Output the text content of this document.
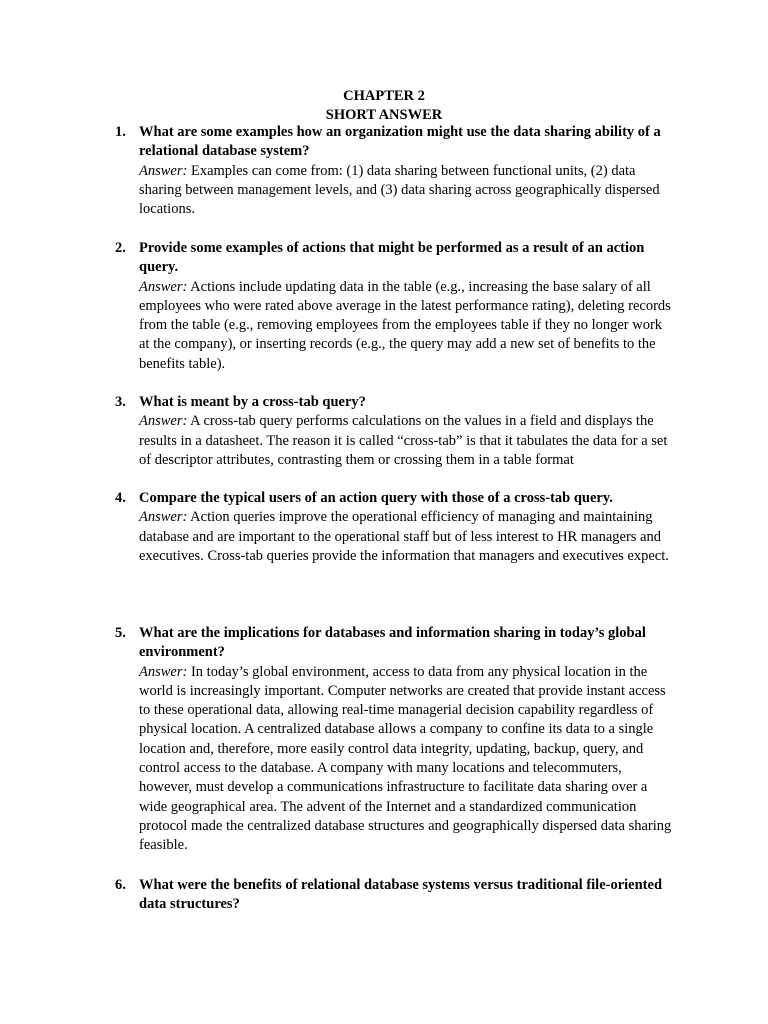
CHAPTER 2
SHORT ANSWER
1. What are some examples how an organization might use the data sharing ability of a relational database system?
Answer: Examples can come from: (1) data sharing between functional units, (2) data sharing between management levels, and (3) data sharing across geographically dispersed locations.
2. Provide some examples of actions that might be performed as a result of an action query.
Answer: Actions include updating data in the table (e.g., increasing the base salary of all employees who were rated above average in the latest performance rating), deleting records from the table (e.g., removing employees from the employees table if they no longer work at the company), or inserting records (e.g., the query may add a new set of benefits to the benefits table).
3. What is meant by a cross-tab query?
Answer: A cross-tab query performs calculations on the values in a field and displays the results in a datasheet. The reason it is called “cross-tab” is that it tabulates the data for a set of descriptor attributes, contrasting them or crossing them in a table format
4. Compare the typical users of an action query with those of a cross-tab query.
Answer: Action queries improve the operational efficiency of managing and maintaining database and are important to the operational staff but of less interest to HR managers and executives. Cross-tab queries provide the information that managers and executives expect.
5. What are the implications for databases and information sharing in today’s global environment?
Answer: In today’s global environment, access to data from any physical location in the world is increasingly important. Computer networks are created that provide instant access to these operational data, allowing real-time managerial decision capability regardless of physical location. A centralized database allows a company to confine its data to a single location and, therefore, more easily control data integrity, updating, backup, query, and control access to the database. A company with many locations and telecommuters, however, must develop a communications infrastructure to facilitate data sharing over a wide geographical area. The advent of the Internet and a standardized communication protocol made the centralized database structures and geographically dispersed data sharing feasible.
6. What were the benefits of relational database systems versus traditional file-oriented data structures?
